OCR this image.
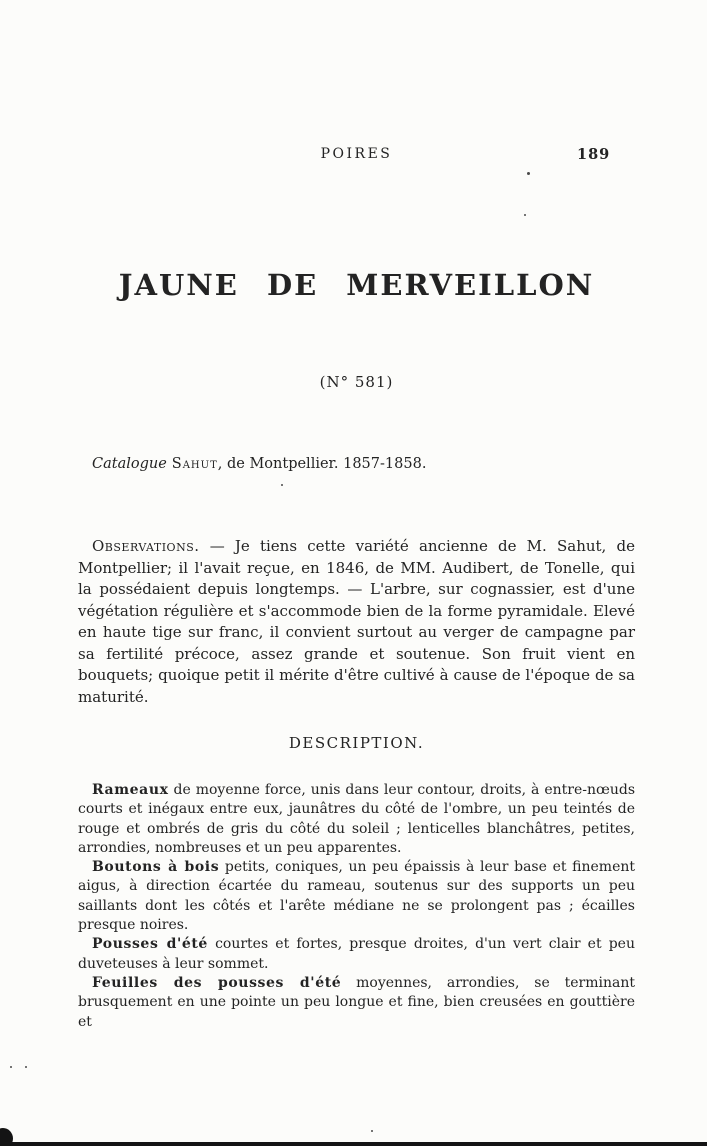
POIRES	189
JAUNE DE MERVEILLON
(N° 581)
Catalogue Sahut, de Montpellier. 1857-1858.

Observations. — Je tiens cette variété ancienne de M. Sahut, de Montpellier; il l'avait reçue, en 1846, de MM. Audibert, de Tonelle, qui la possédaient depuis longtemps. — L'arbre, sur cognassier, est d'une végétation régulière et s'accommode bien de la forme pyramidale. Elevé en haute tige sur franc, il convient surtout au verger de campagne par sa fertilité précoce, assez grande et soutenue. Son fruit vient en bouquets; quoique petit il mérite d'être cultivé à cause de l'époque de sa maturité.

DESCRIPTION.

Rameaux de moyenne force, unis dans leur contour, droits, à entre-nœuds courts et inégaux entre eux, jaunâtres du côté de l'ombre, un peu teintés de rouge et ombrés de gris du côté du soleil ; lenticelles blanchâtres, petites, arrondies, nombreuses et un peu apparentes.

Boutons à bois petits, coniques, un peu épaissis à leur base et finement aigus, à direction écartée du rameau, soutenus sur des supports un peu saillants dont les côtés et l'arête médiane ne se prolongent pas ; écailles presque noires.

Pousses d'été courtes et fortes, presque droites, d'un vert clair et peu duveteuses à leur sommet.

Feuilles des pousses d'été moyennes, arrondies, se terminant brusquement en une pointe un peu longue et fine, bien creusées en gouttière et
